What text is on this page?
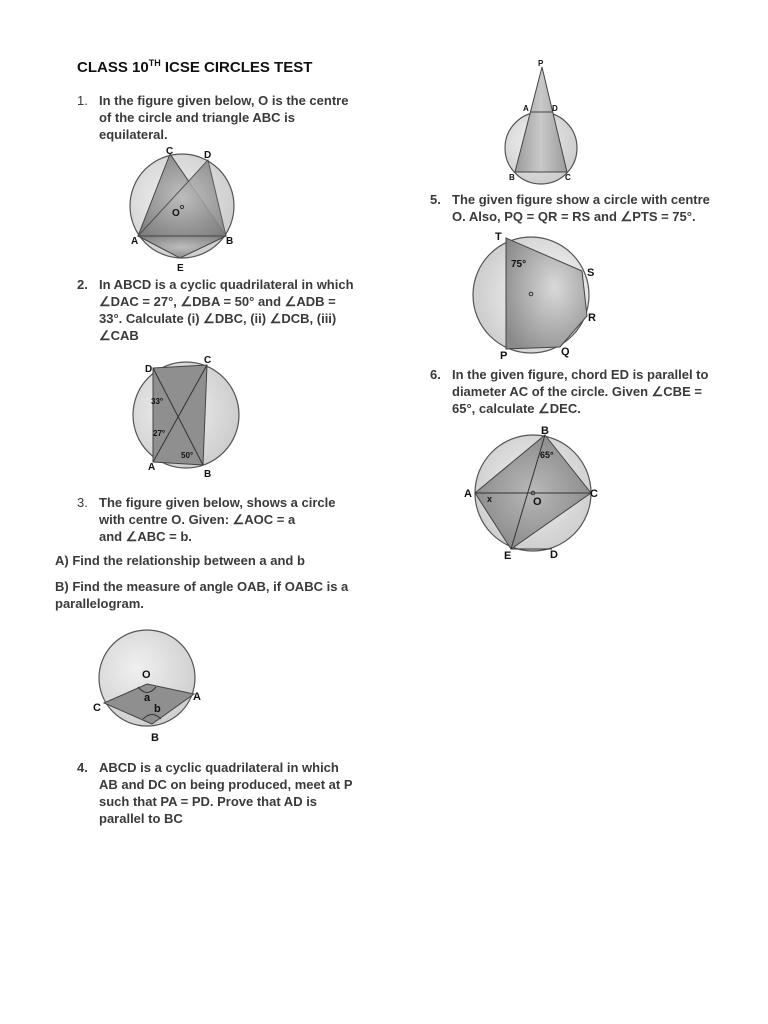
CLASS 10TH ICSE CIRCLES TEST
1. In the figure given below, O is the centre
of the circle and triangle ABC is
equilateral.
C	D
O
A	B
E
2. In ABCD is a cyclic quadrilateral in which
∠DAC = 27°, ∠DBA = 50° and ∠ADB =
33°. Calculate (i) ∠DBC, (ii) ∠DCB, (iii)
∠CAB
D
C
A
B
33°
27°
50°
3. The figure given below, shows a circle
with centre O. Given: ∠AOC = a
and ∠ABC = b.
A) Find the relationship between a and b
B) Find the measure of angle OAB, if OABC is a
parallelogram.
O
C
A
B
a
b
4. ABCD is a cyclic quadrilateral in which
AB and DC on being produced, meet at P
such that PA = PD. Prove that AD is
parallel to BC
P
A	D
B	C
5. The given figure show a circle with centre
O. Also, PQ = QR = RS and ∠PTS = 75°.
T
S
R
P	Q
75°
6. In the given figure, chord ED is parallel to
diameter AC of the circle. Given ∠CBE =
65°, calculate ∠DEC.
B
A
O
C
E	D
x
65°
